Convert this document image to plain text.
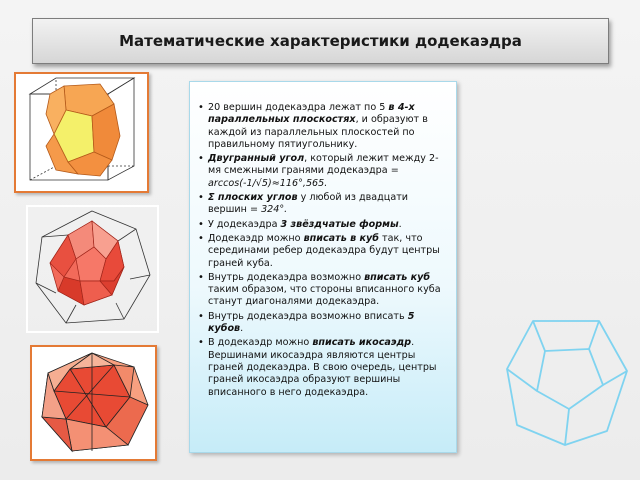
Математические характеристики додекаэдра
• 20 вершин додекаэдра лежат по 5 в 4-х параллельных плоскостях, и образуют в каждой из параллельных плоскостей по правильному пятиугольнику.
• Двугранный угол, который лежит между 2-мя смежными гранями додекаэдра = arccos(-1/√5)≈116°,565.
• Σ плоских углов у любой из двадцати вершин = 324°.
• У додекаэдра 3 звёздчатые формы.
• Додекаэдр можно вписать в куб так, что серединами ребер додекаэдра будут центры граней куба.
• Внутрь додекаэдра возможно вписать куб таким образом, что стороны вписанного куба станут диагоналями додекаэдра.
• Внутрь додекаэдра возможно вписать 5 кубов.
• В додекаэдр можно вписать икосаэдр. Вершинами икосаэдра являются центры граней додекаэдра. В свою очередь, центры граней икосаэдра образуют вершины вписанного в него додекаэдра.
